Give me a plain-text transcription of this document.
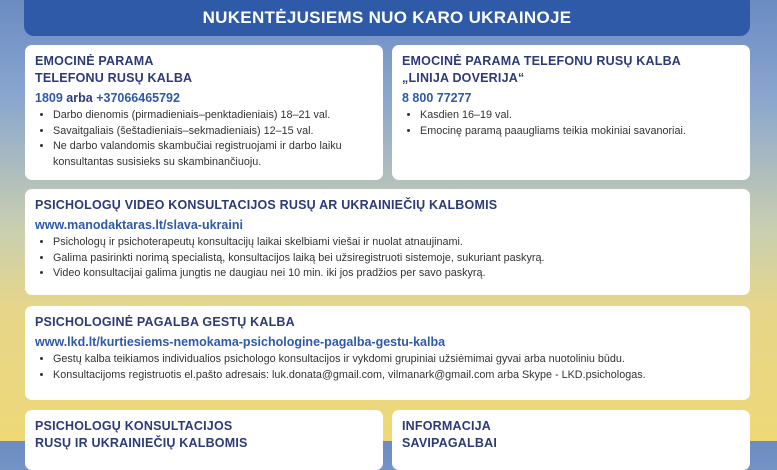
NUKENTĖJUSIEMS NUO KARO UKRAINOJE
EMOCINĖ PARAMA
TELEFONU RUSŲ KALBA
1809 arba +37066465792
• Darbo dienomis (pirmadieniais–penktadieniais) 18–21 val.
• Savaitgaliais (šeštadieniais–sekmadieniais) 12–15 val.
• Ne darbo valandomis skambučiai registruojami ir darbo laiku konsultantas susisieks su skambinančiuoju.
EMOCINĖ PARAMA TELEFONU RUSŲ KALBA
„LINIJA DOVERIJA“
8 800 77277
• Kasdien 16–19 val.
• Emocinę paramą paaugliams teikia mokiniai savanoriai.
PSICHOLOGŲ VIDEO KONSULTACIJOS RUSŲ AR UKRAINIEČIŲ KALBOMIS
www.manodaktaras.lt/slava-ukraini
• Psichologų ir psichoterapeutų konsultacijų laikai skelbiami viešai ir nuolat atnaujinami.
• Galima pasirinkti norimą specialistą, konsultacijos laiką bei užsiregistruoti sistemoje, sukuriant paskyrą.
• Video konsultacijai galima jungtis ne daugiau nei 10 min. iki jos pradžios per savo paskyrą.
PSICHOLOGINĖ PAGALBA GESTŲ KALBA
www.lkd.lt/kurtiesiems-nemokama-psichologine-pagalba-gestu-kalba
• Gestų kalba teikiamos individualios psichologo konsultacijos ir vykdomi grupiniai užsiėmimai gyvai arba nuotoliniu būdu.
• Konsultacijoms registruotis el.pašto adresais: luk.donata@gmail.com, vilmanark@gmail.com arba Skype - LKD.psichologas.
PSICHOLOGŲ KONSULTACIJOS
RUSŲ IR UKRAINIEČIŲ KALBOMIS
INFORMACIJA
SAVIPAGALBAI
